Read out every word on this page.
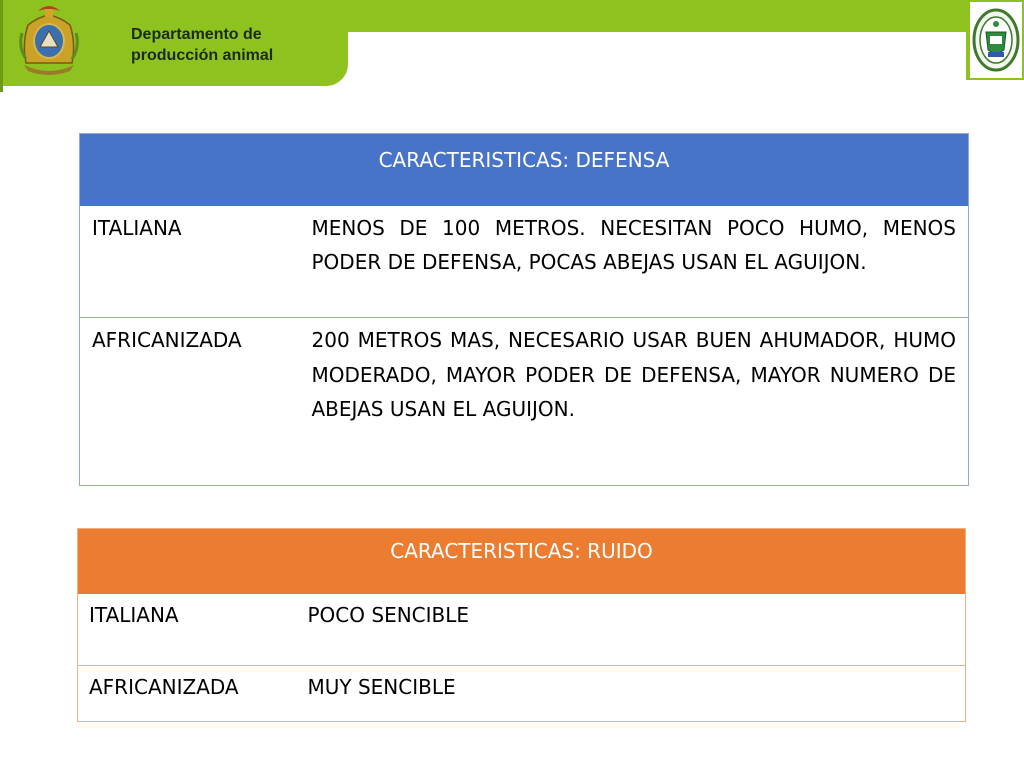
Departamento de
producción animal
CARACTERISTICAS: DEFENSA	
ITALIANA	MENOS DE 100 METROS. NECESITAN POCO HUMO, MENOS PODER DE DEFENSA, POCAS ABEJAS USAN EL AGUIJON.
AFRICANIZADA	200 METROS MAS, NECESARIO USAR BUEN AHUMADOR, HUMO MODERADO, MAYOR PODER DE DEFENSA, MAYOR NUMERO DE ABEJAS USAN EL AGUIJON.
CARACTERISTICAS: RUIDO	
ITALIANA	POCO SENCIBLE
AFRICANIZADA	MUY SENCIBLE
